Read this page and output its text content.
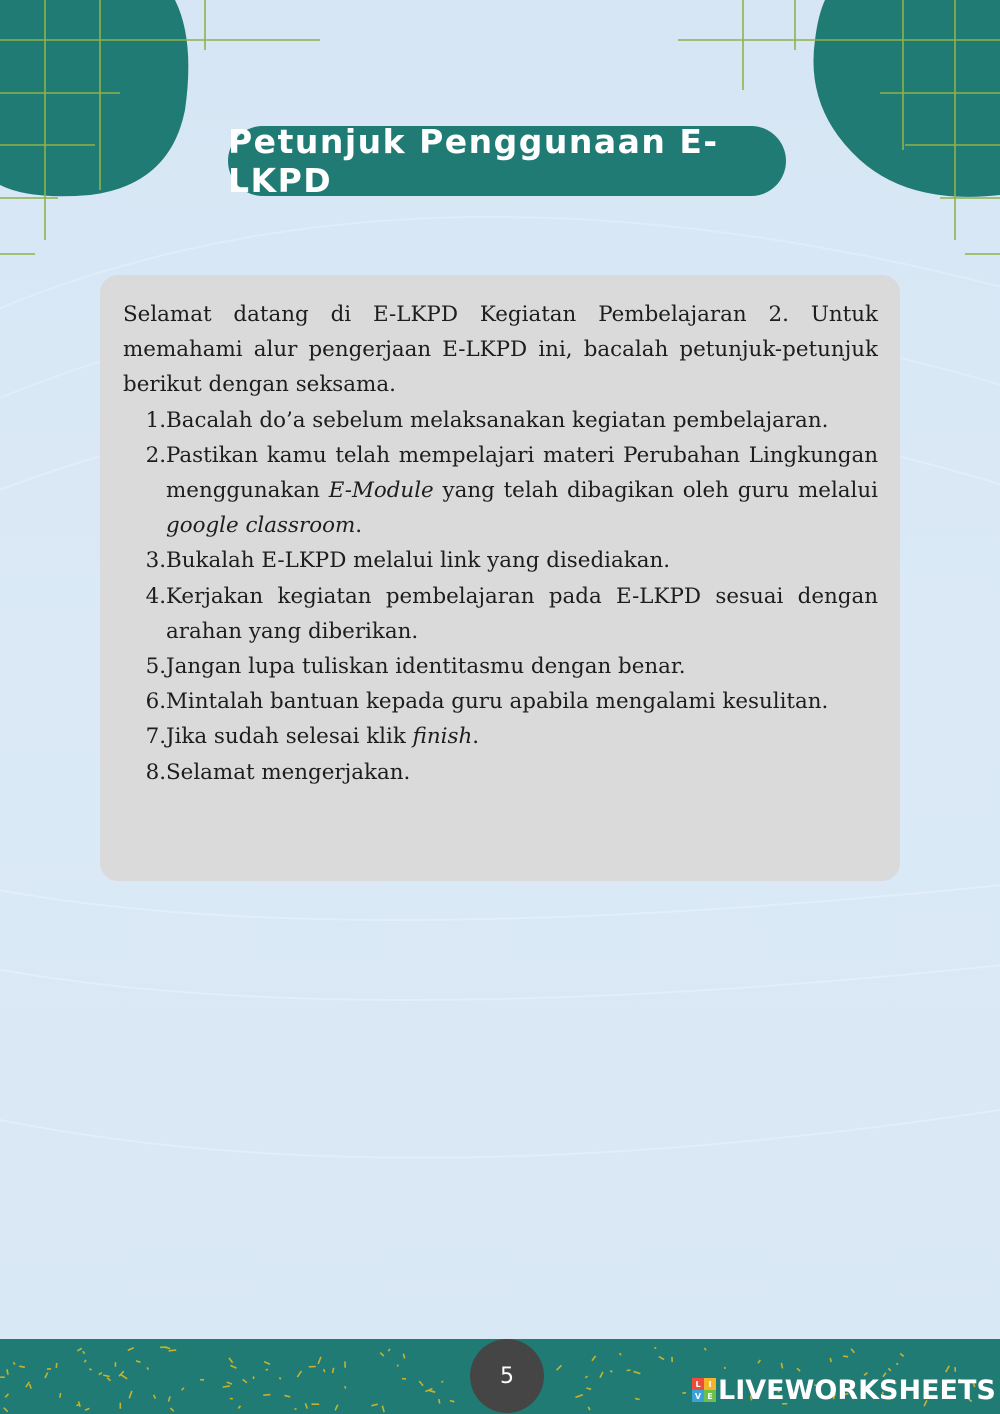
Petunjuk Penggunaan E-LKPD

Selamat datang di E-LKPD Kegiatan Pembelajaran 2. Untuk memahami alur pengerjaan E-LKPD ini, bacalah petunjuk-petunjuk berikut dengan seksama.

1. Bacalah do’a sebelum melaksanakan kegiatan pembelajaran.
2. Pastikan kamu telah mempelajari materi Perubahan Lingkungan menggunakan E-Module yang telah dibagikan oleh guru melalui google classroom.
3. Bukalah E-LKPD melalui link yang disediakan.
4. Kerjakan kegiatan pembelajaran pada E-LKPD sesuai dengan arahan yang diberikan.
5. Jangan lupa tuliskan identitasmu dengan benar.
6. Mintalah bantuan kepada guru apabila mengalami kesulitan.
7. Jika sudah selesai klik finish.
8. Selamat mengerjakan.
5	L I
V E LIVEWORKSHEETS
